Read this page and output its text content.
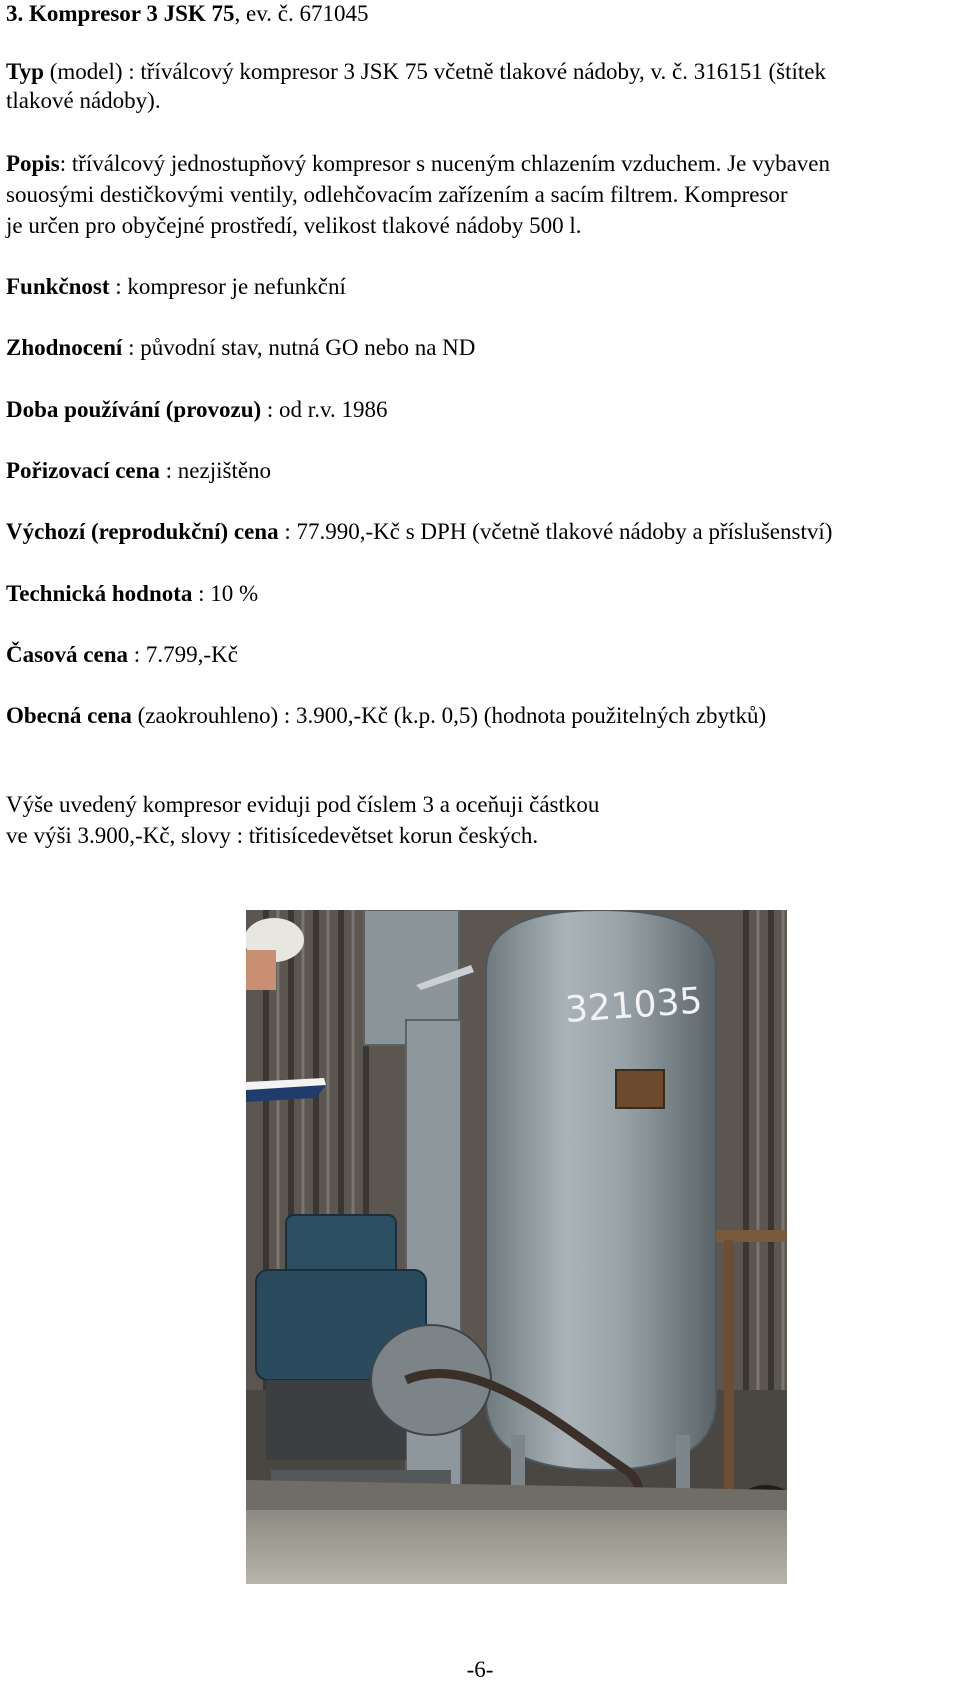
3. Kompresor 3 JSK 75, ev. č. 671045
Typ (model) : tříválcový kompresor 3 JSK 75 včetně tlakové nádoby, v. č. 316151 (štítek
tlakové nádoby).
Popis: tříválcový jednostupňový kompresor s nuceným chlazením vzduchem. Je vybaven
souosými destičkovými ventily, odlehčovacím zařízením a sacím filtrem. Kompresor
je určen pro obyčejné prostředí, velikost tlakové nádoby 500 l.
Funkčnost : kompresor je nefunkční
Zhodnocení : původní stav, nutná GO nebo na ND
Doba používání (provozu) : od r.v. 1986
Pořizovací cena : nezjištěno
Výchozí (reprodukční) cena : 77.990,-Kč s DPH (včetně tlakové nádoby a příslušenství)
Technická hodnota : 10 %
Časová cena : 7.799,-Kč
Obecná cena (zaokrouhleno) : 3.900,-Kč (k.p. 0,5) (hodnota použitelných zbytků)
Výše uvedený kompresor eviduji pod číslem 3 a oceňuji částkou
ve výši 3.900,-Kč, slovy : třitisícedevětset korun českých.
321035
-6-
